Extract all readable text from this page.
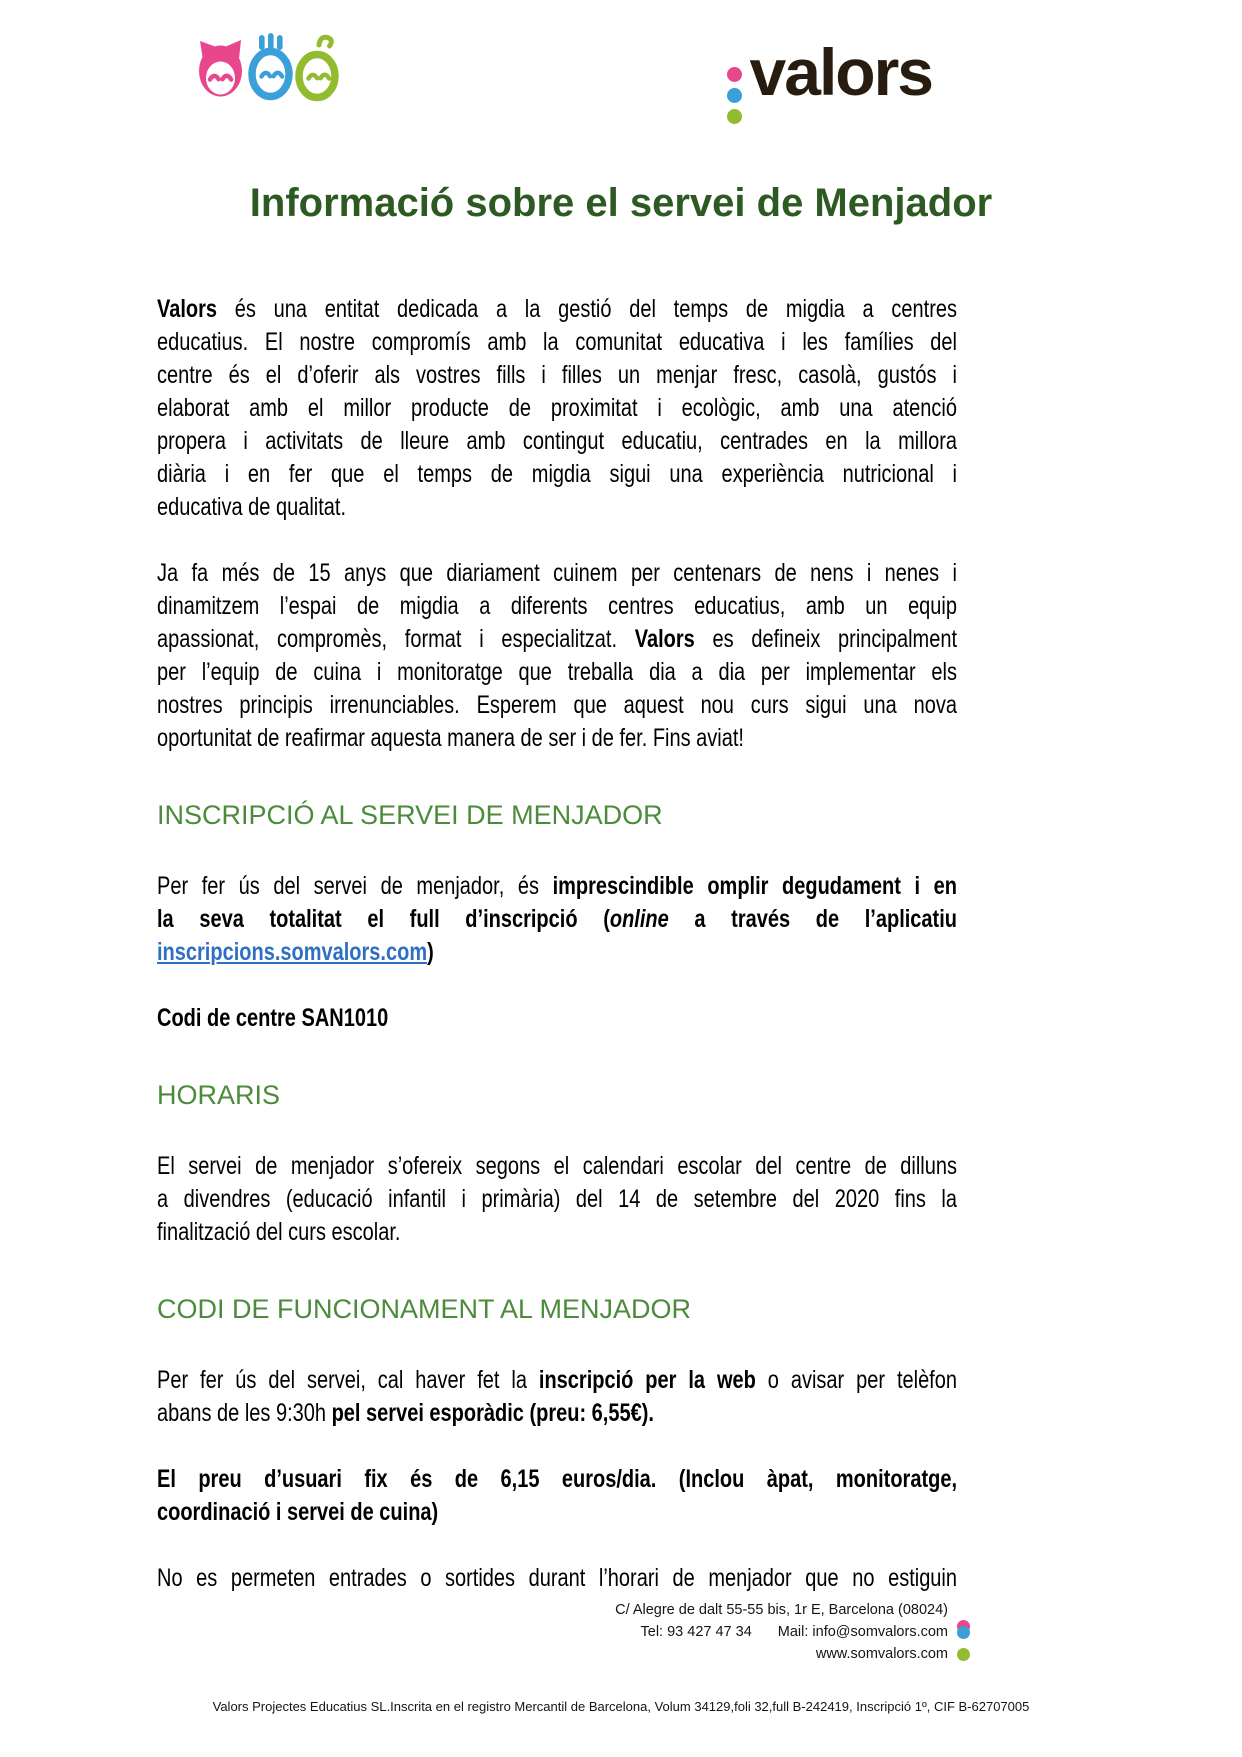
valors
Informació sobre el servei de Menjador
Valors és una entitat dedicada a la gestió del temps de migdia a centres
educatius. El nostre compromís amb la comunitat educativa i les famílies del
centre és el d’oferir als vostres fills i filles un menjar fresc, casolà, gustós i
elaborat amb el millor producte de proximitat i ecològic, amb una atenció
propera i activitats de lleure amb contingut educatiu, centrades en la millora
diària i en fer que el temps de migdia sigui una experiència nutricional i
educativa de qualitat.
Ja fa més de 15 anys que diariament cuinem per centenars de nens i nenes i
dinamitzem l’espai de migdia a diferents centres educatius, amb un equip
apassionat, compromès, format i especialitzat. Valors es defineix principalment
per l’equip de cuina i monitoratge que treballa dia a dia per implementar els
nostres principis irrenunciables. Esperem que aquest nou curs sigui una nova
oportunitat de reafirmar aquesta manera de ser i de fer. Fins aviat!
INSCRIPCIÓ AL SERVEI DE MENJADOR
Per fer ús del servei de menjador, és imprescindible omplir degudament i en
la seva totalitat el full d’inscripció (online a través de l’aplicatiu
inscripcions.somvalors.com)
Codi de centre SAN1010
HORARIS
El servei de menjador s’ofereix segons el calendari escolar del centre de dilluns
a divendres (educació infantil i primària) del 14 de setembre del 2020 fins la
finalització del curs escolar.
CODI DE FUNCIONAMENT AL MENJADOR
Per fer ús del servei, cal haver fet la inscripció per la web o avisar per telèfon
abans de les 9:30h pel servei esporàdic (preu: 6,55€).
El preu d’usuari fix és de 6,15 euros/dia. (Inclou àpat, monitoratge,
coordinació i servei de cuina)
No es permeten entrades o sortides durant l’horari de menjador que no estiguin
C/ Alegre de dalt 55-55 bis, 1r E, Barcelona (08024)
Tel: 93 427 47 34 Mail: info@somvalors.com
www.somvalors.com
Valors Projectes Educatius SL.Inscrita en el registro Mercantil de Barcelona, Volum 34129,foli 32,full B-242419, Inscripció 1º, CIF B-62707005
